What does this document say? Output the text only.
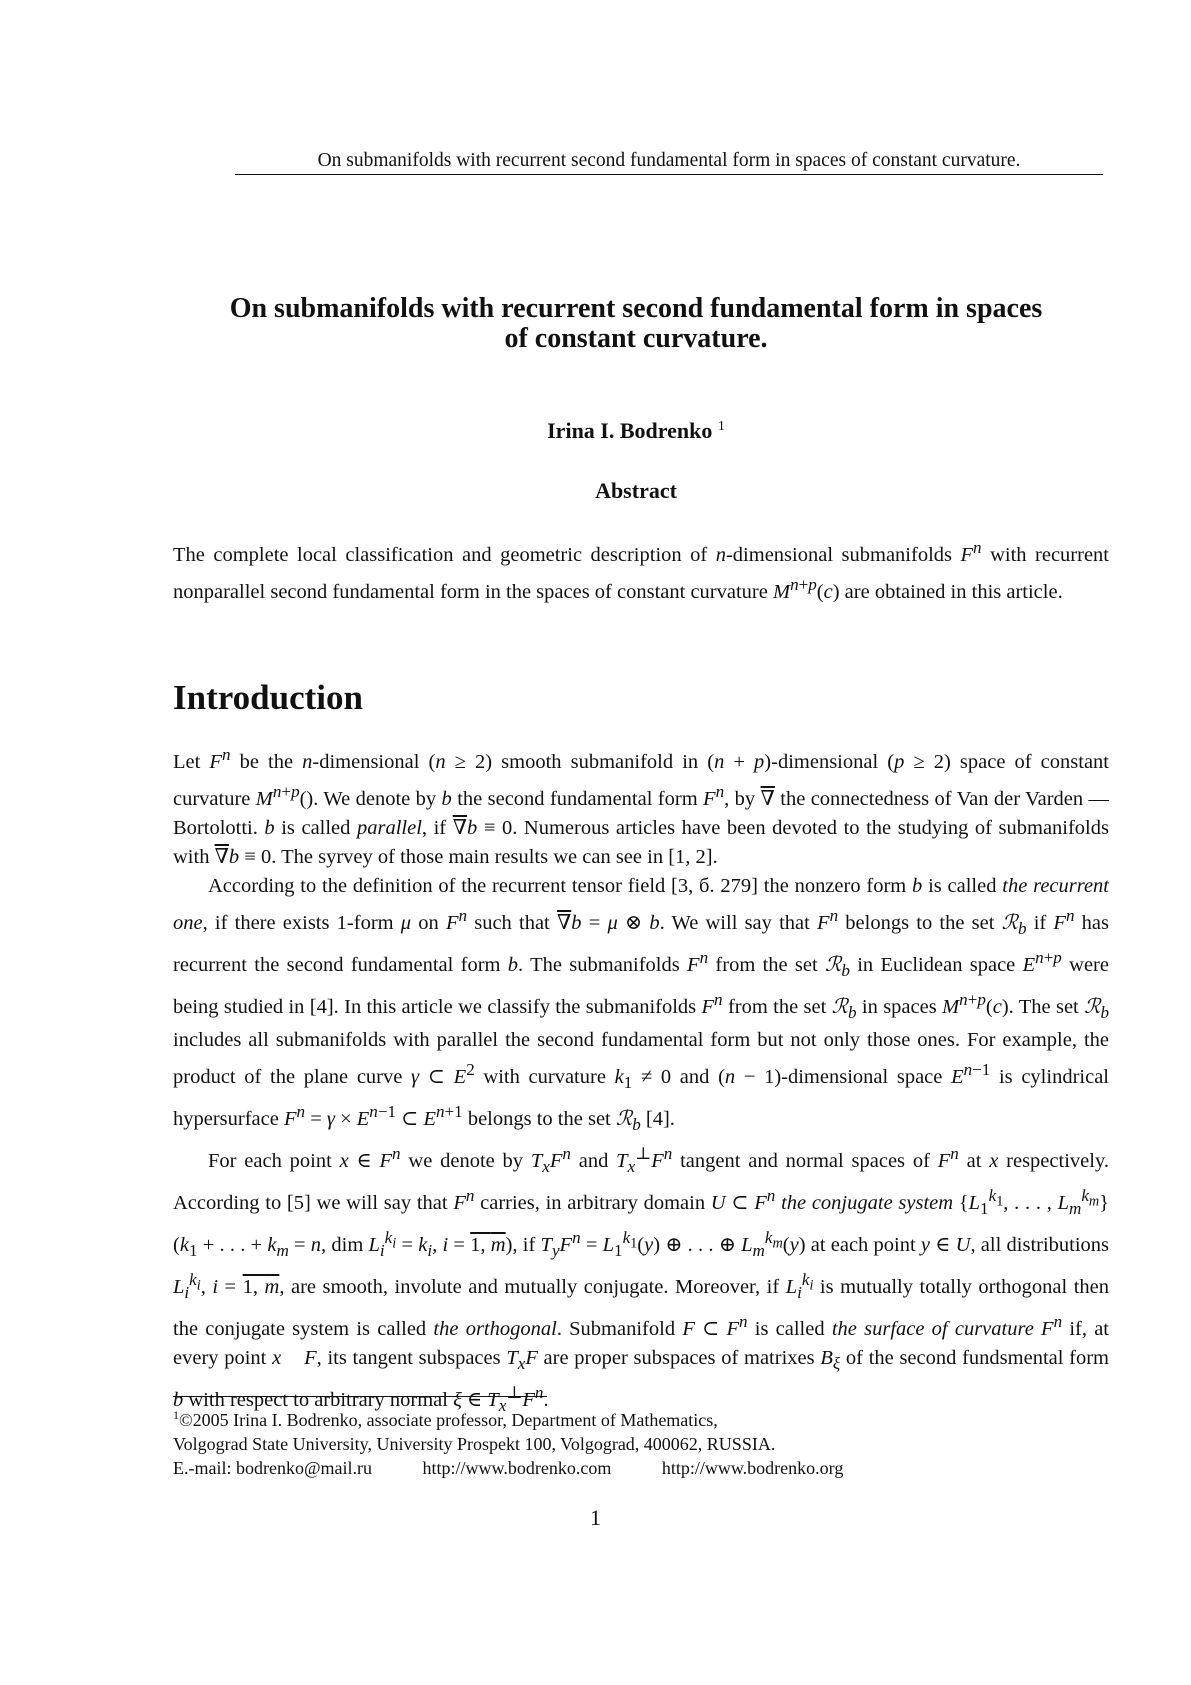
On submanifolds with recurrent second fundamental form in spaces of constant curvature.
On submanifolds with recurrent second fundamental form in spaces
of constant curvature.
Irina I. Bodrenko $^1$
Abstract
The complete local classification and geometric description of n-dimensional submanifolds $F^n$ with recurrent nonparallel second fundamental form in the spaces of constant curvature $M^{n+p}(c)$ are obtained in this article.
Introduction
Let $F^n$ be the n-dimensional (n ≥ 2) smooth submanifold in (n + p)-dimensional (p ≥ 2) space of constant curvature $M^{n+p}()$. We denote by b the second fundamental form $F^n$, by ∇ the connectedness of Van der Varden — Bortolotti. b is called parallel, if ∇b ≡ 0. Numerous articles have been devoted to the studying of submanifolds with ∇b ≡ 0. The syrvey of those main results we can see in [1, 2].
According to the definition of the recurrent tensor field [3, б. 279] the nonzero form b is called the recurrent one, if there exists 1-form μ on $F^n$ such that ∇b = μ ⊗ b. We will say that $F^n$ belongs to the set ℛ$_b$ if $F^n$ has recurrent the second fundamental form b. The submanifolds $F^n$ from the set ℛ$_b$ in Euclidean space $E^{n+p}$ were being studied in [4]. In this article we classify the submanifolds $F^n$ from the set ℛ$_b$ in spaces $M^{n+p}(c)$. The set ℛ$_b$ includes all submanifolds with parallel the second fundamental form but not only those ones. For example, the product of the plane curve γ ⊂ $E^2$ with curvature $k_1 \ne 0$ and (n − 1)-dimensional space $E^{n-1}$ is cylindrical hypersurface $F^n = \gamma \times E^{n-1}$ ⊂ $E^{n+1}$ belongs to the set ℛ$_b$ [4].
For each point x ∈ $F^n$ we denote by $T_xF^n$ and $T_x^\perp F^n$ tangent and normal spaces of $F^n$ at x respectively. According to [5] we will say that $F^n$ carries, in arbitrary domain U ⊂ $F^n$ the conjugate system {$L_1^{k_1}$, . . . , $L_m^{k_m}$} ($k_1$ + . . . + $k_m = n$, dim $L_i^{k_i} = k_i$, i = 1, m), if $T_yF^n = L_1^{k_1}(y)$ ⊕ . . . ⊕ $L_m^{k_m}(y)$ at each point y ∈ U, all distributions $L_i^{k_i}$, i = 1, m, are smooth, involute and mutually conjugate. Moreover, if $L_i^{k_i}$ is mutually totally orthogonal then the conjugate system is called the orthogonal. Submanifold F ⊂ $F^n$ is called the surface of curvature $F^n$ if, at every point x F, its tangent subspaces $T_xF$ are proper subspaces of matrixes $B_\xi$ of the second fundsmental form b with respect to arbitrary normal ξ ∈ $T_x^\perp F^n$.
$^1$©2005 Irina I. Bodrenko, associate professor, Department of Mathematics,
Volgograd State University, University Prospekt 100, Volgograd, 400062, RUSSIA.
E.-mail: bodrenko@mail.ru	http://www.bodrenko.com	http://www.bodrenko.org
1
